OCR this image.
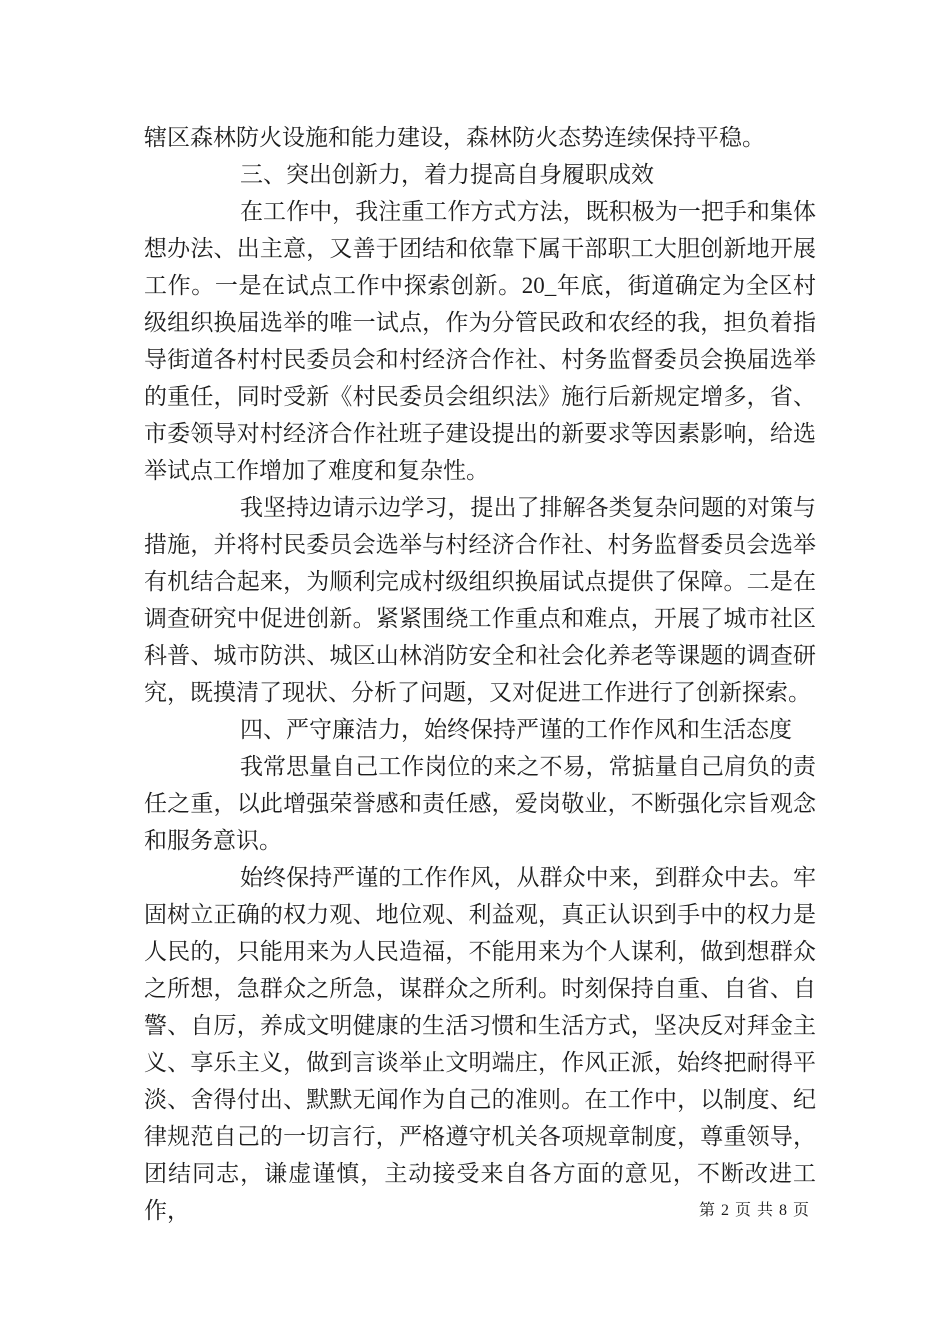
辖区森林防火设施和能力建设，森林防火态势连续保持平稳。

三、突出创新力，着力提高自身履职成效

在工作中，我注重工作方式方法，既积极为一把手和集体想办法、出主意，又善于团结和依靠下属干部职工大胆创新地开展工作。一是在试点工作中探索创新。20_年底，街道确定为全区村级组织换届选举的唯一试点，作为分管民政和农经的我，担负着指导街道各村村民委员会和村经济合作社、村务监督委员会换届选举的重任，同时受新《村民委员会组织法》施行后新规定增多，省、市委领导对村经济合作社班子建设提出的新要求等因素影响，给选举试点工作增加了难度和复杂性。

我坚持边请示边学习，提出了排解各类复杂问题的对策与措施，并将村民委员会选举与村经济合作社、村务监督委员会选举有机结合起来，为顺利完成村级组织换届试点提供了保障。二是在调查研究中促进创新。紧紧围绕工作重点和难点，开展了城市社区科普、城市防洪、城区山林消防安全和社会化养老等课题的调查研究，既摸清了现状、分析了问题，又对促进工作进行了创新探索。

四、严守廉洁力，始终保持严谨的工作作风和生活态度

我常思量自己工作岗位的来之不易，常掂量自己肩负的责任之重，以此增强荣誉感和责任感，爱岗敬业，不断强化宗旨观念和服务意识。

始终保持严谨的工作作风，从群众中来，到群众中去。牢固树立正确的权力观、地位观、利益观，真正认识到手中的权力是人民的，只能用来为人民造福，不能用来为个人谋利，做到想群众之所想，急群众之所急，谋群众之所利。时刻保持自重、自省、自警、自厉，养成文明健康的生活习惯和生活方式，坚决反对拜金主义、享乐主义，做到言谈举止文明端庄，作风正派，始终把耐得平淡、舍得付出、默默无闻作为自己的准则。在工作中，以制度、纪律规范自己的一切言行，严格遵守机关各项规章制度，尊重领导，团结同志，谦虚谨慎，主动接受来自各方面的意见，不断改进工作，	第 2 页 共 8 页
